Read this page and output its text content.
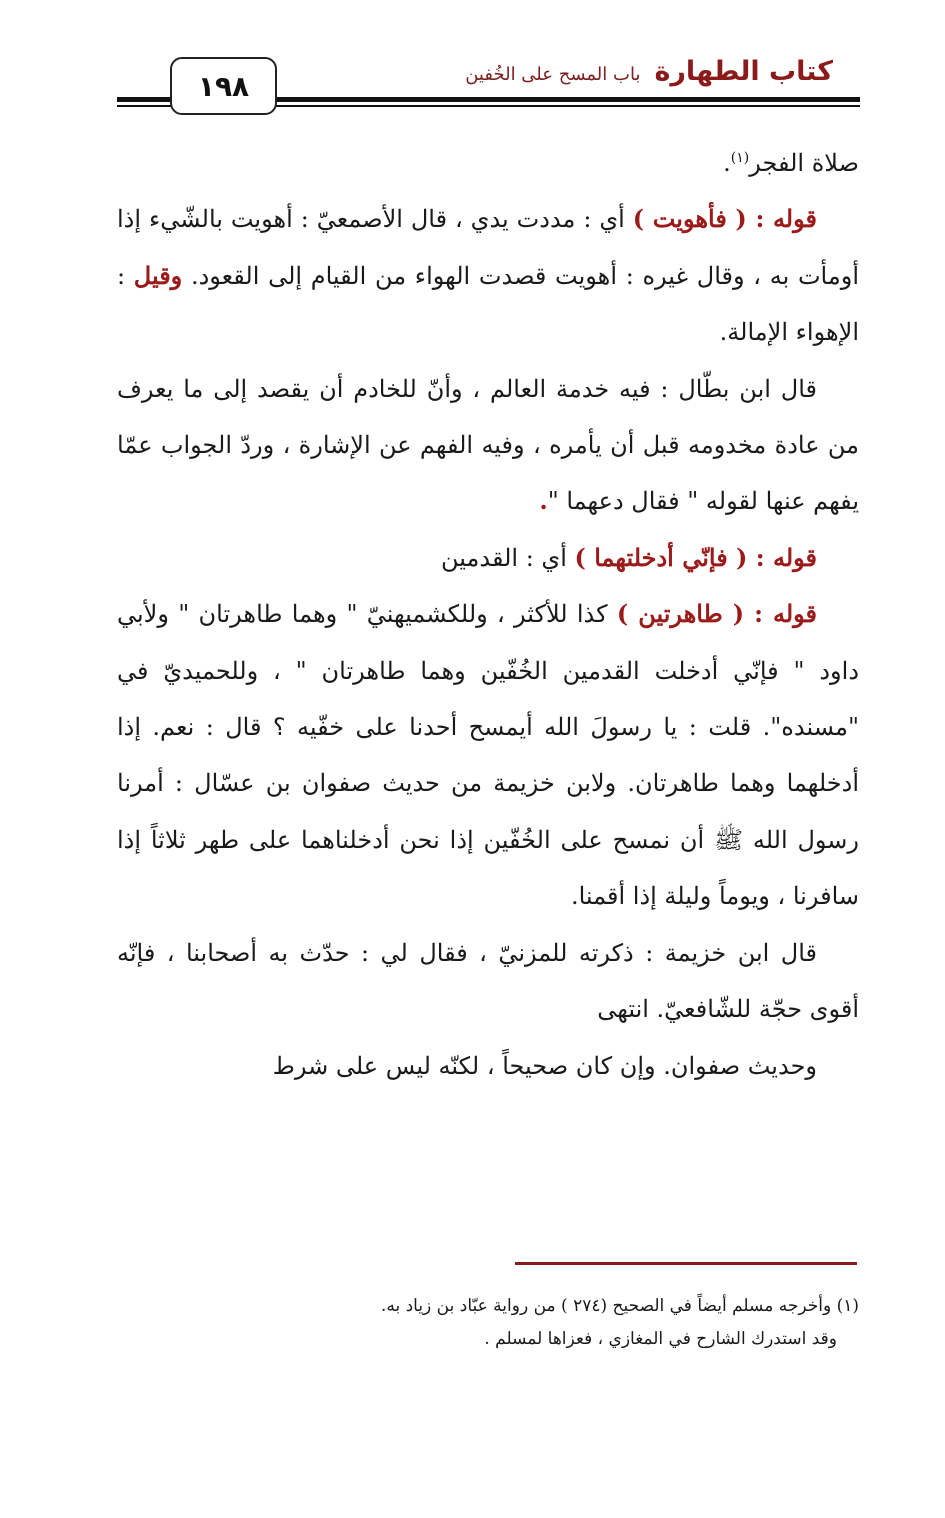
١٩٨	كتاب الطهارة
باب المسح على الخُفين

صلاة الفجر$^{(١)}$.

قوله : ( فأهويت ) أي : مددت يدي ، قال الأصمعيّ : أهويت بالشّيء إذا أومأت به ، وقال غيره : أهويت قصدت الهواء من القيام إلى القعود. وقيل : الإهواء الإمالة.

قال ابن بطّال : فيه خدمة العالم ، وأنّ للخادم أن يقصد إلى ما يعرف من عادة مخدومه قبل أن يأمره ، وفيه الفهم عن الإشارة ، وردّ الجواب عمّا يفهم عنها لقوله " فقال دعهما ".

قوله : ( فإنّي أدخلتهما ) أي : القدمين

قوله : ( طاهرتين ) كذا للأكثر ، وللكشميهنيّ " وهما طاهرتان " ولأبي داود " فإنّي أدخلت القدمين الخُفّين وهما طاهرتان " ، وللحميديّ في "مسنده". قلت : يا رسولَ الله أيمسح أحدنا على خفّيه ؟ قال : نعم. إذا أدخلهما وهما طاهرتان. ولابن خزيمة من حديث صفوان بن عسّال : أمرنا رسول الله ﷺ أن نمسح على الخُفّين إذا نحن أدخلناهما على طهر ثلاثاً إذا سافرنا ، ويوماً وليلة إذا أقمنا.

قال ابن خزيمة : ذكرته للمزنيّ ، فقال لي : حدّث به أصحابنا ، فإنّه أقوى حجّة للشّافعيّ. انتهى

وحديث صفوان. وإن كان صحيحاً ، لكنّه ليس على شرط

(١) وأخرجه مسلم أيضاً في الصحيح (٢٧٤ ) من رواية عبّاد بن زياد به.
وقد استدرك الشارح في المغازي ، فعزاها لمسلم .
